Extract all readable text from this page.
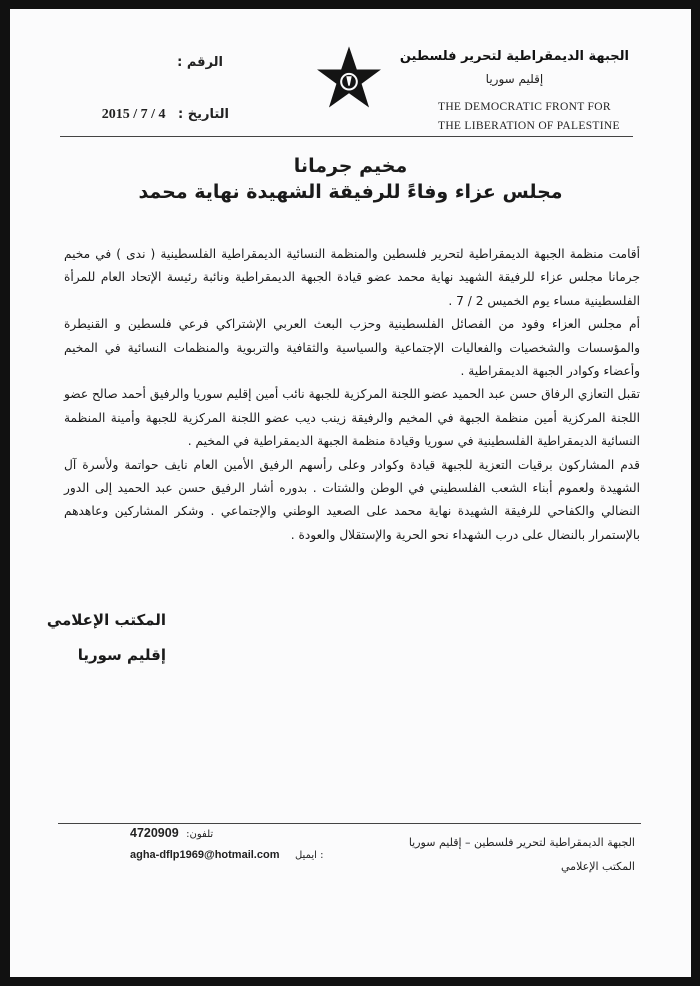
الجبهة الديمقراطية لتحرير فلسطين
إقليم سوريا
THE DEMOCRATIC FRONT FOR
THE LIBERATION OF PALESTINE
الرقم :
التاريخ : 2015 / 7 / 4
مخيم جرمانا
مجلس عزاء وفاءً للرفيقة الشهيدة نهاية محمد

أقامت منظمة الجبهة الديمقراطية لتحرير فلسطين والمنظمة النسائية الديمقراطية الفلسطينية ( ندى ) في مخيم جرمانا مجلس عزاء للرفيقة الشهيد نهاية محمد عضو قيادة الجبهة الديمقراطية ونائبة رئيسة الإتحاد العام للمرأة الفلسطينية مساء يوم الخميس 2 / 7 .

أم مجلس العزاء وفود من الفصائل الفلسطينية وحزب البعث العربي الإشتراكي فرعي فلسطين و القنيطرة والمؤسسات والشخصيات والفعاليات الإجتماعية والسياسية والثقافية والتربوية والمنظمات النسائية في المخيم وأعضاء وكوادر الجبهة الديمقراطية .

تقبل التعازي الرفاق حسن عبد الحميد عضو اللجنة المركزية للجبهة نائب أمين إقليم سوريا والرفيق أحمد صالح عضو اللجنة المركزية أمين منظمة الجبهة في المخيم والرفيقة زينب ديب عضو اللجنة المركزية للجبهة وأمينة المنظمة النسائية الديمقراطية الفلسطينية في سوريا وقيادة منظمة الجبهة الديمقراطية في المخيم .

قدم المشاركون برقيات التعزية للجبهة قيادة وكوادر وعلى رأسهم الرفيق الأمين العام نايف حواتمة ولأسرة آل الشهيدة ولعموم أبناء الشعب الفلسطيني في الوطن والشتات . بدوره أشار الرفيق حسن عبد الحميد إلى الدور النضالي والكفاحي للرفيقة الشهيدة نهاية محمد على الصعيد الوطني والإجتماعي . وشكر المشاركين وعاهدهم بالإستمرار بالنضال على درب الشهداء نحو الحرية والإستقلال والعودة .

المكتب الإعلامي
إقليم سوريا
الجبهة الديمقراطية لتحرير فلسطين – إقليم سوريا
المكتب الإعلامي
تلفون: 4720909
agha-dflp1969@hotmail.com ايميل :
